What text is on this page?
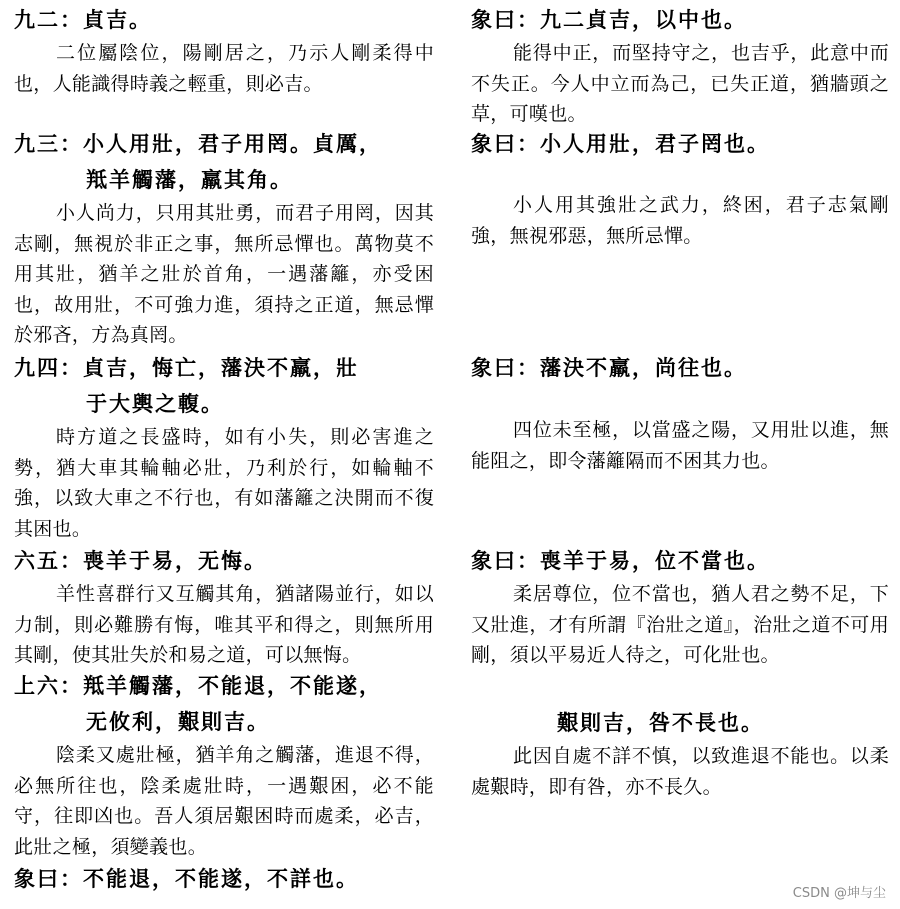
九二：貞吉。

二位屬陰位，陽剛居之，乃示人剛柔得中也，人能識得時義之輕重，則必吉。

九三：小人用壯，君子用罔。貞厲，

羝羊觸藩，羸其角。

小人尚力，只用其壯勇，而君子用罔，因其志剛，無視於非正之事，無所忌憚也。萬物莫不用其壯，猶羊之壯於首角，一遇藩籬，亦受困也，故用壯，不可強力進，須持之正道，無忌憚於邪吝，方為真罔。

九四：貞吉，悔亡，藩決不羸，壯

于大輿之輹。

時方道之長盛時，如有小失，則必害進之勢，猶大車其輪軸必壯，乃利於行，如輪軸不強，以致大車之不行也，有如藩籬之決開而不復其困也。

六五：喪羊于易，无悔。

羊性喜群行又互觸其角，猶諸陽並行，如以力制，則必難勝有悔，唯其平和得之，則無所用其剛，使其壯失於和易之道，可以無悔。

上六：羝羊觸藩，不能退，不能遂，

无攸利，艱則吉。

陰柔又處壯極，猶羊角之觸藩，進退不得，必無所往也，陰柔處壯時，一遇艱困，必不能守，往即凶也。吾人須居艱困時而處柔，必吉，此壯之極，須變義也。

象曰：不能退，不能遂，不詳也。

象曰：九二貞吉，以中也。

能得中正，而堅持守之，也吉乎，此意中而不失正。今人中立而為己，已失正道，猶牆頭之草，可嘆也。

象曰：小人用壯，君子罔也。

小人用其強壯之武力，終困，君子志氣剛強，無視邪惡，無所忌憚。

象曰：藩決不羸，尚往也。

四位未至極，以當盛之陽，又用壯以進，無能阻之，即令藩籬隔而不困其力也。

象曰：喪羊于易，位不當也。

柔居尊位，位不當也，猶人君之勢不足，下又壯進，才有所謂『治壯之道』，治壯之道不可用剛，須以平易近人待之，可化壯也。

艱則吉，咎不長也。

此因自處不詳不慎，以致進退不能也。以柔處艱時，即有咎，亦不長久。

CSDN @坤与尘
